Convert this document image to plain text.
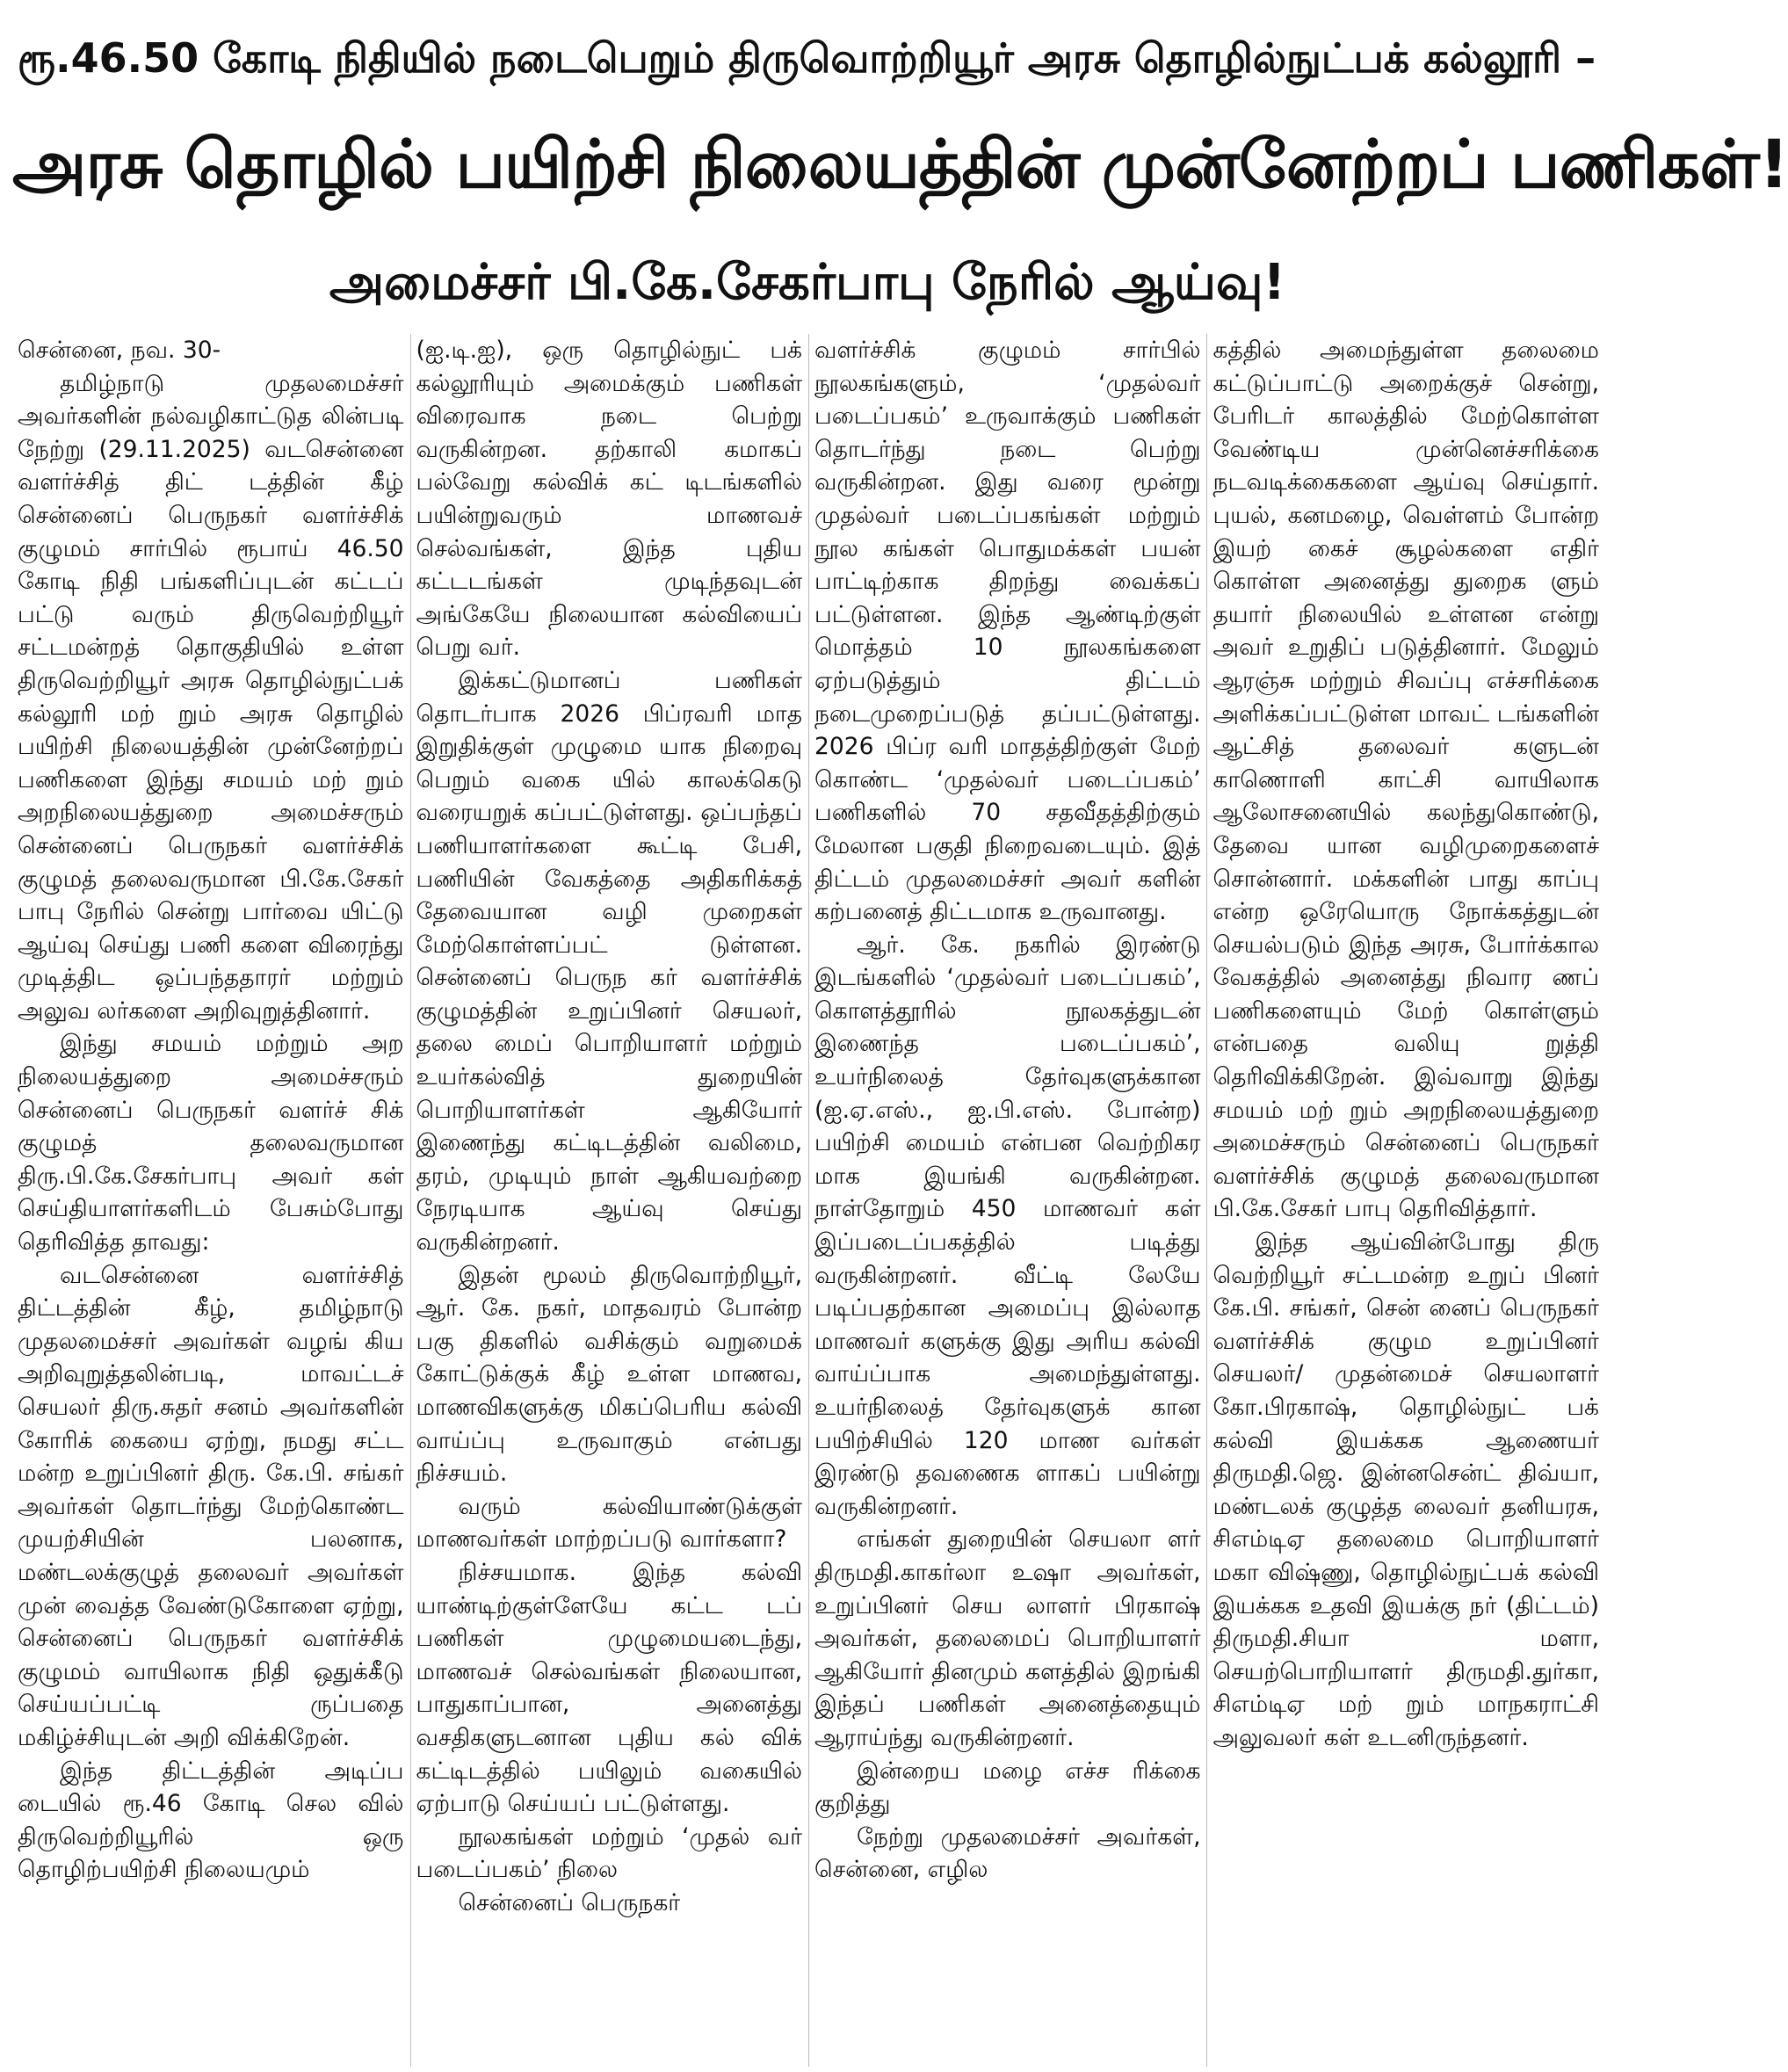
ரூ.46.50 கோடி நிதியில் நடைபெறும் திருவொற்றியூர் அரசு தொழில்நுட்பக் கல்லூரி –
அரசு தொழில் பயிற்சி நிலையத்தின் முன்னேற்றப் பணிகள்!
அமைச்சர் பி.கே.சேகர்பாபு நேரில் ஆய்வு!

சென்னை, நவ. 30-

தமிழ்நாடு முதலமைச்சர் அவர்களின் நல்வழிகாட்டுத லின்படி நேற்று (29.11.2025) வடசென்னை வளர்ச்சித் திட் டத்தின் கீழ் சென்னைப் பெருநகர் வளர்ச்சிக் குழுமம் சார்பில் ரூபாய் 46.50 கோடி நிதி பங்களிப்புடன் கட்டப் பட்டு வரும் திருவெற்றியூர் சட்டமன்றத் தொகுதியில் உள்ள திருவெற்றியூர் அரசு தொழில்நுட்பக் கல்லூரி மற் றும் அரசு தொழில் பயிற்சி நிலையத்தின் முன்னேற்றப் பணிகளை இந்து சமயம் மற் றும் அறநிலையத்துறை அமைச்சரும் சென்னைப் பெருநகர் வளர்ச்சிக் குழுமத் தலைவருமான பி.கே.சேகர் பாபு நேரில் சென்று பார்வை யிட்டு ஆய்வு செய்து பணி களை விரைந்து முடித்திட ஒப்பந்ததாரர் மற்றும் அலுவ லர்களை அறிவுறுத்தினார்.

இந்து சமயம் மற்றும் அற நிலையத்துறை அமைச்சரும் சென்னைப் பெருநகர் வளர்ச் சிக் குழுமத் தலைவருமான திரு.பி.கே.சேகர்பாபு அவர் கள் செய்தியாளர்களிடம் பேசும்போது தெரிவித்த தாவது:

வடசென்னை வளர்ச்சித் திட்டத்தின் கீழ், தமிழ்நாடு முதலமைச்சர் அவர்கள் வழங் கிய அறிவுறுத்தலின்படி, மாவட்டச் செயலர் திரு.சுதர் சனம் அவர்களின் கோரிக் கையை ஏற்று, நமது சட்ட மன்ற உறுப்பினர் திரு. கே.பி. சங்கர் அவர்கள் தொடர்ந்து மேற்கொண்ட முயற்சியின் பலனாக, மண்டலக்குழுத் தலைவர் அவர்கள் முன் வைத்த வேண்டுகோளை ஏற்று, சென்னைப் பெருநகர் வளர்ச்சிக் குழுமம் வாயிலாக நிதி ஒதுக்கீடு செய்யப்பட்டி ருப்பதை மகிழ்ச்சியுடன் அறி விக்கிறேன்.

இந்த திட்டத்தின் அடிப்ப டையில் ரூ.46 கோடி செல வில் திருவெற்றியூரில் ஒரு தொழிற்பயிற்சி நிலையமும்

(ஐ.டி.ஐ), ஒரு தொழில்நுட் பக் கல்லூரியும் அமைக்கும் பணிகள் விரைவாக நடை பெற்று வருகின்றன. தற்காலி கமாகப் பல்வேறு கல்விக் கட் டிடங்களில் பயின்றுவரும் மாணவச் செல்வங்கள், இந்த புதிய கட்டடங்கள் முடிந்தவுடன் அங்கேயே நிலையான கல்வியைப் பெறு வர்.

இக்கட்டுமானப் பணிகள் தொடர்பாக 2026 பிப்ரவரி மாத இறுதிக்குள் முழுமை யாக நிறைவு பெறும் வகை யில் காலக்கெடு வரையறுக் கப்பட்டுள்ளது. ஒப்பந்தப் பணியாளர்களை கூட்டி பேசி, பணியின் வேகத்தை அதிகரிக்கத் தேவையான வழி முறைகள் மேற்கொள்ளப்பட் டுள்ளன. சென்னைப் பெருந கர் வளர்ச்சிக் குழுமத்தின் உறுப்பினர் செயலர், தலை மைப் பொறியாளர் மற்றும் உயர்கல்வித் துறையின் பொறியாளர்கள் ஆகியோர் இணைந்து கட்டிடத்தின் வலிமை, தரம், முடியும் நாள் ஆகியவற்றை நேரடியாக ஆய்வு செய்து வருகின்றனர்.

இதன் மூலம் திருவொற்றியூர், ஆர். கே. நகர், மாதவரம் போன்ற பகு திகளில் வசிக்கும் வறுமைக் கோட்டுக்குக் கீழ் உள்ள மாணவ, மாணவிகளுக்கு மிகப்பெரிய கல்வி வாய்ப்பு உருவாகும் என்பது நிச்சயம்.

வரும் கல்வியாண்டுக்குள் மாணவர்கள் மாற்றப்படு வார்களா?

நிச்சயமாக. இந்த கல்வி யாண்டிற்குள்ளேயே கட்ட டப் பணிகள் முழுமையடைந்து, மாணவச் செல்வங்கள் நிலையான, பாதுகாப்பான, அனைத்து வசதிகளுடனான புதிய கல் விக் கட்டிடத்தில் பயிலும் வகையில் ஏற்பாடு செய்யப் பட்டுள்ளது.

நூலகங்கள் மற்றும் ‘முதல் வர் படைப்பகம்’ நிலை

சென்னைப் பெருநகர்

வளர்ச்சிக் குழுமம் சார்பில் நூலகங்களும், ‘முதல்வர் படைப்பகம்’ உருவாக்கும் பணிகள் தொடர்ந்து நடை பெற்று வருகின்றன. இது வரை மூன்று முதல்வர் படைப்பகங்கள் மற்றும் நூல கங்கள் பொதுமக்கள் பயன் பாட்டிற்காக திறந்து வைக்கப் பட்டுள்ளன. இந்த ஆண்டிற்குள் மொத்தம் 10 நூலகங்களை ஏற்படுத்தும் திட்டம் நடைமுறைப்படுத் தப்பட்டுள்ளது. 2026 பிப்ர வரி மாதத்திற்குள் மேற் கொண்ட ‘முதல்வர் படைப்பகம்’ பணிகளில் 70 சதவீதத்திற்கும் மேலான பகுதி நிறைவடையும். இத் திட்டம் முதலமைச்சர் அவர் களின் கற்பனைத் திட்டமாக உருவானது.

ஆர். கே. நகரில் இரண்டு இடங்களில் ‘முதல்வர் படைப்பகம்’, கொளத்தூரில் நூலகத்துடன் இணைந்த படைப்பகம்’, உயர்நிலைத் தேர்வுகளுக்கான (ஐ.ஏ.எஸ்., ஐ.பி.எஸ். போன்ற) பயிற்சி மையம் என்பன வெற்றிகர மாக இயங்கி வருகின்றன. நாள்தோறும் 450 மாணவர் கள் இப்படைப்பகத்தில் படித்து வருகின்றனர். வீட்டி லேயே படிப்பதற்கான அமைப்பு இல்லாத மாணவர் களுக்கு இது அரிய கல்வி வாய்ப்பாக அமைந்துள்ளது. உயர்நிலைத் தேர்வுகளுக் கான பயிற்சியில் 120 மாண வர்கள் இரண்டு தவணைக ளாகப் பயின்று வருகின்றனர்.

எங்கள் துறையின் செயலா ளர் திருமதி.காகர்லா உஷா அவர்கள், உறுப்பினர் செய லாளர் பிரகாஷ் அவர்கள், தலைமைப் பொறியாளர் ஆகியோர் தினமும் களத்தில் இறங்கி இந்தப் பணிகள் அனைத்தையும் ஆராய்ந்து வருகின்றனர்.

இன்றைய மழை எச்ச ரிக்கை குறித்து

நேற்று முதலமைச்சர் அவர்கள், சென்னை, எழில

கத்தில் அமைந்துள்ள தலைமை கட்டுப்பாட்டு அறைக்குச் சென்று, பேரிடர் காலத்தில் மேற்கொள்ள வேண்டிய முன்னெச்சரிக்கை நடவடிக்கைகளை ஆய்வு செய்தார். புயல், கனமழை, வெள்ளம் போன்ற இயற் கைச் சூழல்களை எதிர் கொள்ள அனைத்து துறைக ளும் தயார் நிலையில் உள்ளன என்று அவர் உறுதிப் படுத்தினார். மேலும் ஆரஞ்சு மற்றும் சிவப்பு எச்சரிக்கை அளிக்கப்பட்டுள்ள மாவட் டங்களின் ஆட்சித் தலைவர் களுடன் காணொளி காட்சி வாயிலாக ஆலோசனையில் கலந்துகொண்டு, தேவை யான வழிமுறைகளைச் சொன்னார். மக்களின் பாது காப்பு என்ற ஒரேயொரு நோக்கத்துடன் செயல்படும் இந்த அரசு, போர்க்கால வேகத்தில் அனைத்து நிவார ணப் பணிகளையும் மேற் கொள்ளும் என்பதை வலியு றுத்தி தெரிவிக்கிறேன். இவ்வாறு இந்து சமயம் மற் றும் அறநிலையத்துறை அமைச்சரும் சென்னைப் பெருநகர் வளர்ச்சிக் குழுமத் தலைவருமான பி.கே.சேகர் பாபு தெரிவித்தார்.

இந்த ஆய்வின்போது திரு வெற்றியூர் சட்டமன்ற உறுப் பினர் கே.பி. சங்கர், சென் னைப் பெருநகர் வளர்ச்சிக் குழும உறுப்பினர் செயலர்/ முதன்மைச் செயலாளர் கோ.பிரகாஷ், தொழில்நுட் பக் கல்வி இயக்கக ஆணையர் திருமதி.ஜெ. இன்னசென்ட் திவ்யா, மண்டலக் குழுத்த லைவர் தனியரசு, சிஎம்டிஏ தலைமை பொறியாளர் மகா விஷ்ணு, தொழில்நுட்பக் கல்வி இயக்கக உதவி இயக்கு நர் (திட்டம்) திருமதி.சியா மளா, செயற்பொறியாளர் திருமதி.துர்கா, சிஎம்டிஏ மற் றும் மாநகராட்சி அலுவலர் கள் உடனிருந்தனர்.
